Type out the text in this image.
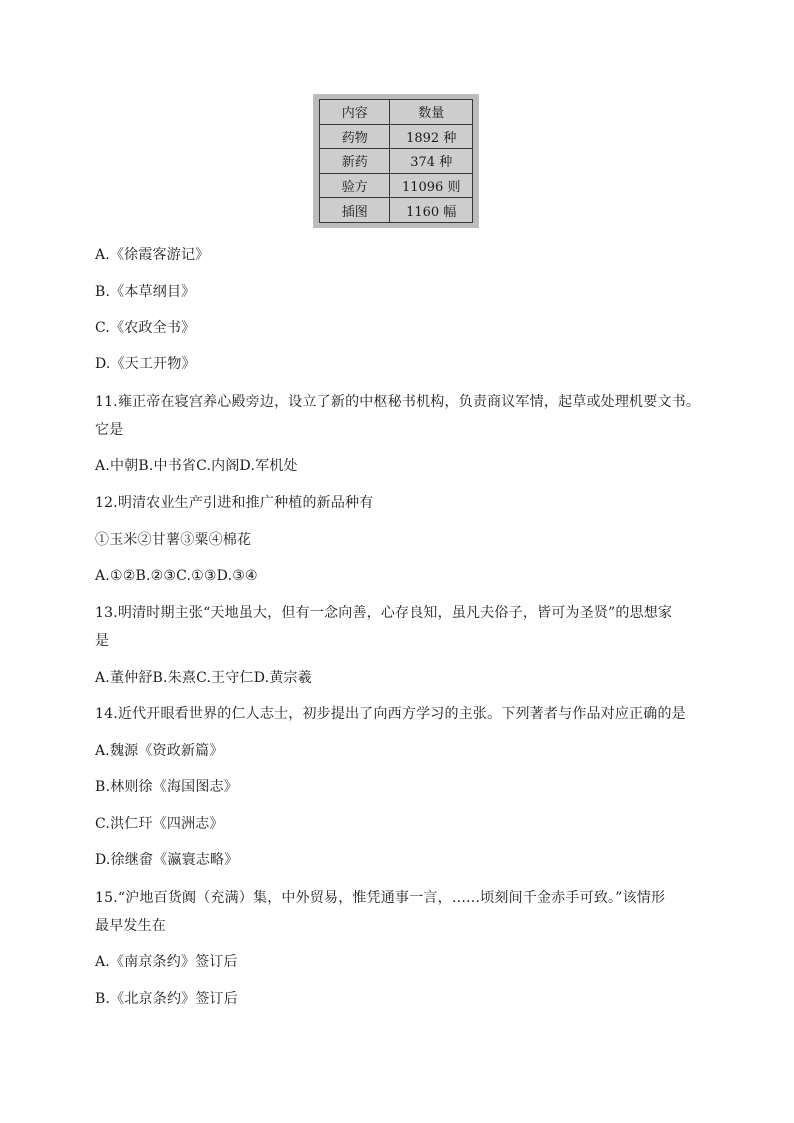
内容	数量
药物	1892 种
新药	374 种
验方	11096 则
插图	1160 幅
A.《徐霞客游记》
B.《本草纲目》
C.《农政全书》
D.《天工开物》
11.雍正帝在寝宫养心殿旁边，设立了新的中枢秘书机构，负责商议军情，起草或处理机要文书。
它是
A.中朝B.中书省C.内阁D.军机处
12.明清农业生产引进和推广种植的新品种有
①玉米②甘薯③粟④棉花
A.①②B.②③C.①③D.③④
13.明清时期主张“天地虽大，但有一念向善，心存良知，虽凡夫俗子，皆可为圣贤”的思想家
是
A.董仲舒B.朱熹C.王守仁D.黄宗羲
14.近代开眼看世界的仁人志士，初步提出了向西方学习的主张。下列著者与作品对应正确的是
A.魏源《资政新篇》
B.林则徐《海国图志》
C.洪仁玕《四洲志》
D.徐继畲《瀛寰志略》
15.“沪地百货阗（充满）集，中外贸易，惟凭通事一言，……顷刻间千金赤手可致。”该情形
最早发生在
A.《南京条约》签订后
B.《北京条约》签订后
